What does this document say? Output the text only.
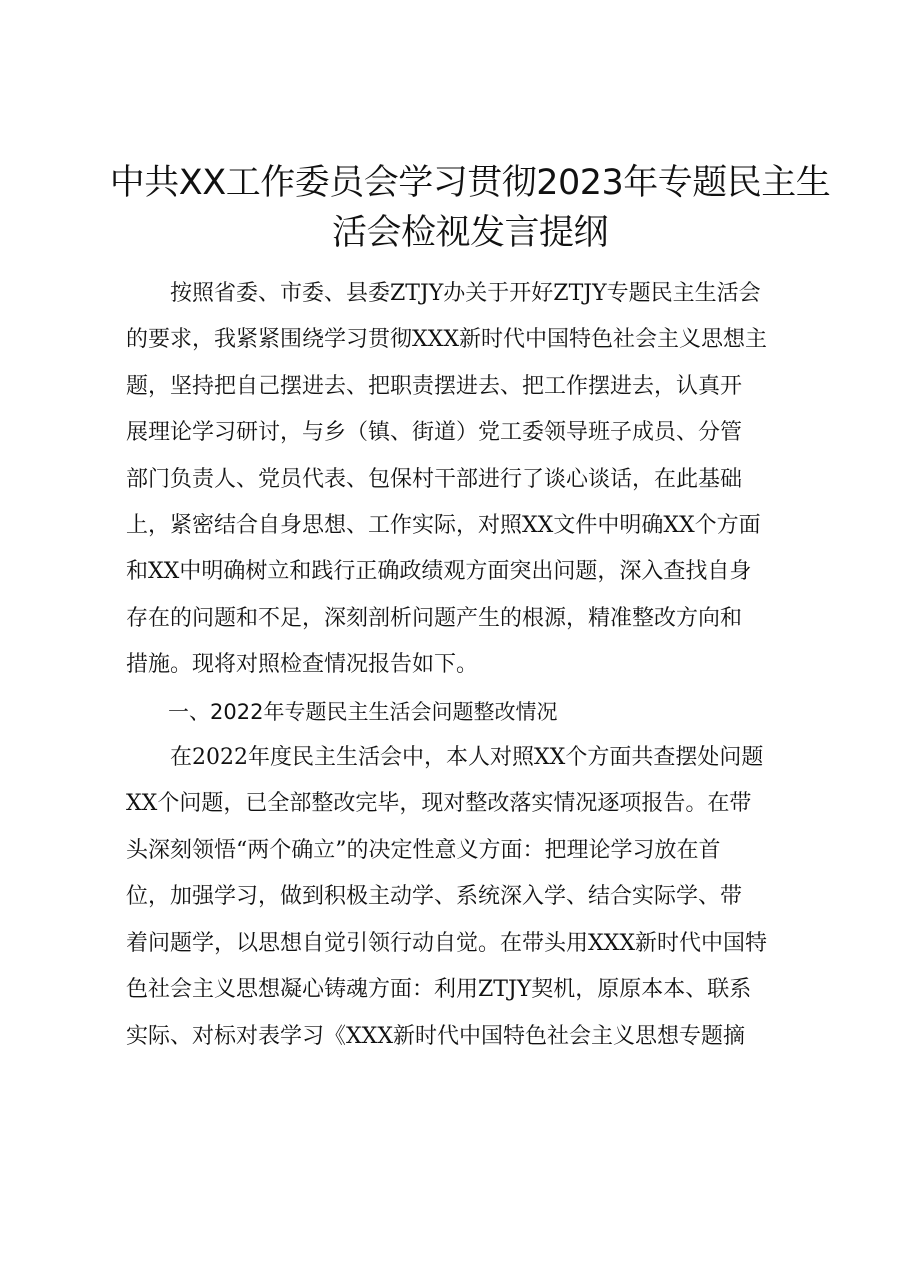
中共XX工作委员会学习贯彻2023年专题民主生
活会检视发言提纲
　　按照省委、市委、县委ZTJY办关于开好ZTJY专题民主生活会
的要求，我紧紧围绕学习贯彻XXX新时代中国特色社会主义思想主
题，坚持把自己摆进去、把职责摆进去、把工作摆进去，认真开
展理论学习研讨，与乡（镇、街道）党工委领导班子成员、分管
部门负责人、党员代表、包保村干部进行了谈心谈话，在此基础
上，紧密结合自身思想、工作实际，对照XX文件中明确XX个方面
和XX中明确树立和践行正确政绩观方面突出问题，深入查找自身
存在的问题和不足，深刻剖析问题产生的根源，精准整改方向和
措施。现将对照检查情况报告如下。
　　一、2022年专题民主生活会问题整改情况
　　在2022年度民主生活会中，本人对照XX个方面共查摆处问题
XX个问题，已全部整改完毕，现对整改落实情况逐项报告。在带
头深刻领悟“两个确立”的决定性意义方面：把理论学习放在首
位，加强学习，做到积极主动学、系统深入学、结合实际学、带
着问题学，以思想自觉引领行动自觉。在带头用XXX新时代中国特
色社会主义思想凝心铸魂方面：利用ZTJY契机，原原本本、联系
实际、对标对表学习《XXX新时代中国特色社会主义思想专题摘
